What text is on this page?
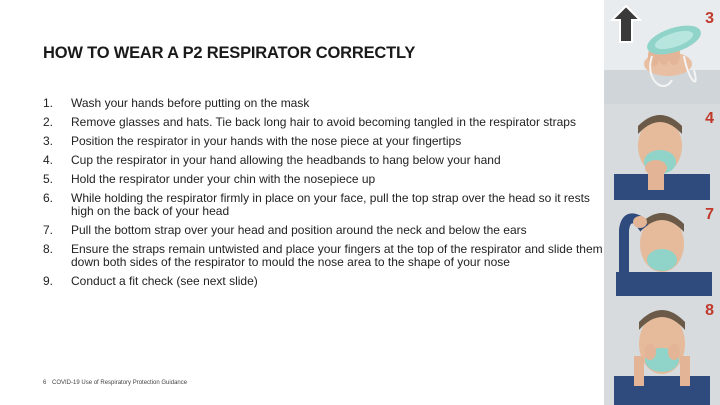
HOW TO WEAR A P2 RESPIRATOR CORRECTLY
1.	Wash your hands before putting on the mask
2.	Remove glasses and hats. Tie back long hair to avoid becoming tangled in the respirator straps
3.	Position the respirator in your hands with the nose piece at your fingertips
4.	Cup the respirator in your hand allowing the headbands to hang below your hand
5.	Hold the respirator under your chin with the nosepiece up
6.	While holding the respirator firmly in place on your face, pull the top strap over the head so it rests high on the back of your head
7.	Pull the bottom strap over your head and position around the neck and below the ears
8.	Ensure the straps remain untwisted and place your fingers at the top of the respirator and slide them down both sides of the respirator to mould the nose area to the shape of your nose
9.	Conduct a fit check (see next slide)
6 COVID-19 Use of Respiratory Protection Guidance
3
4
7
8
